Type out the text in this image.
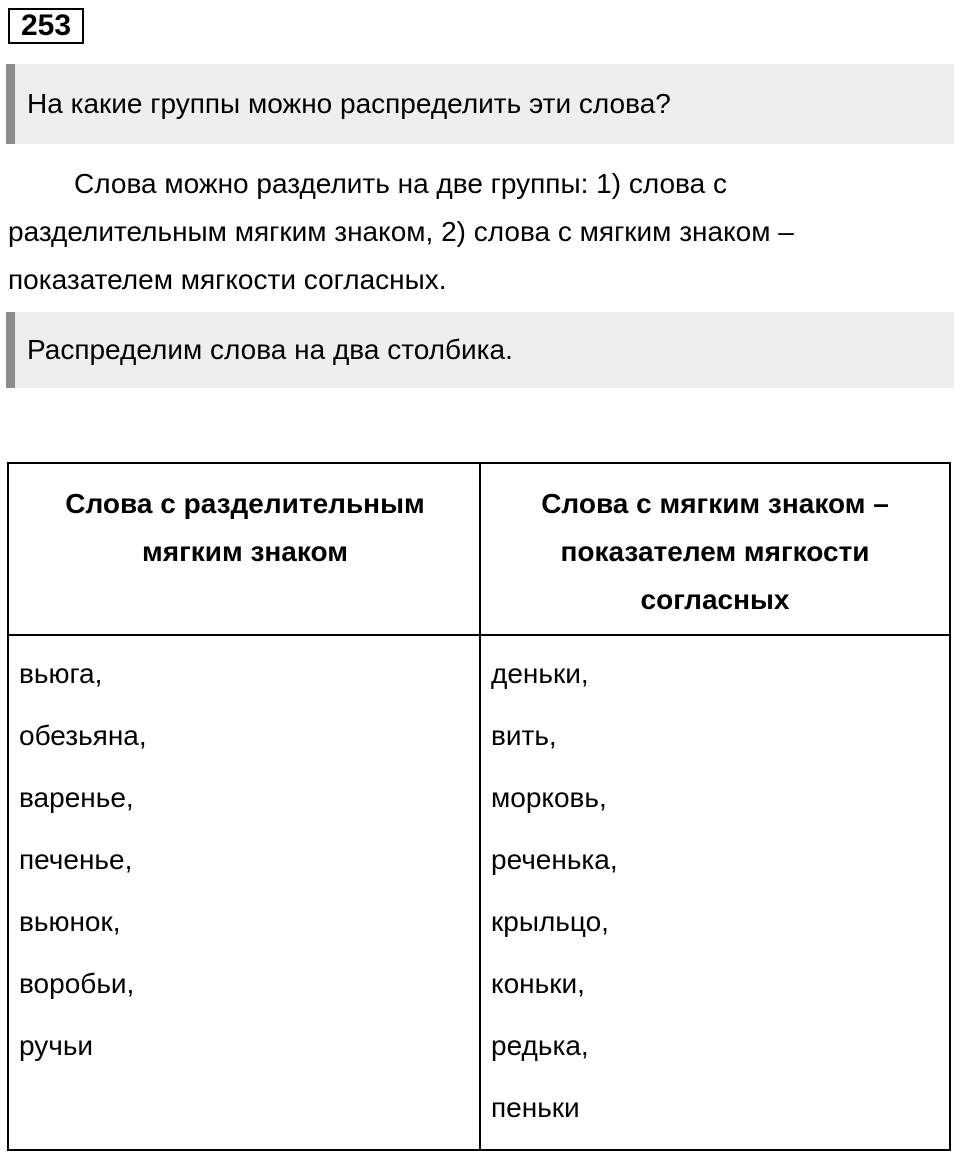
253
На какие группы можно распределить эти слова?

Слова можно разделить на две группы: 1) слова с разделительным мягким знаком, 2) слова с мягким знаком – показателем мягкости согласных.

Распределим слова на два столбика.
Слова с разделительным мягким знаком
Слова с мягким знаком – показателем мягкости согласных
вьюга,
обезьяна,
варенье,
печенье,
вьюнок,
воробьи,
ручьи
деньки,
вить,
морковь,
реченька,
крыльцо,
коньки,
редька,
пеньки
